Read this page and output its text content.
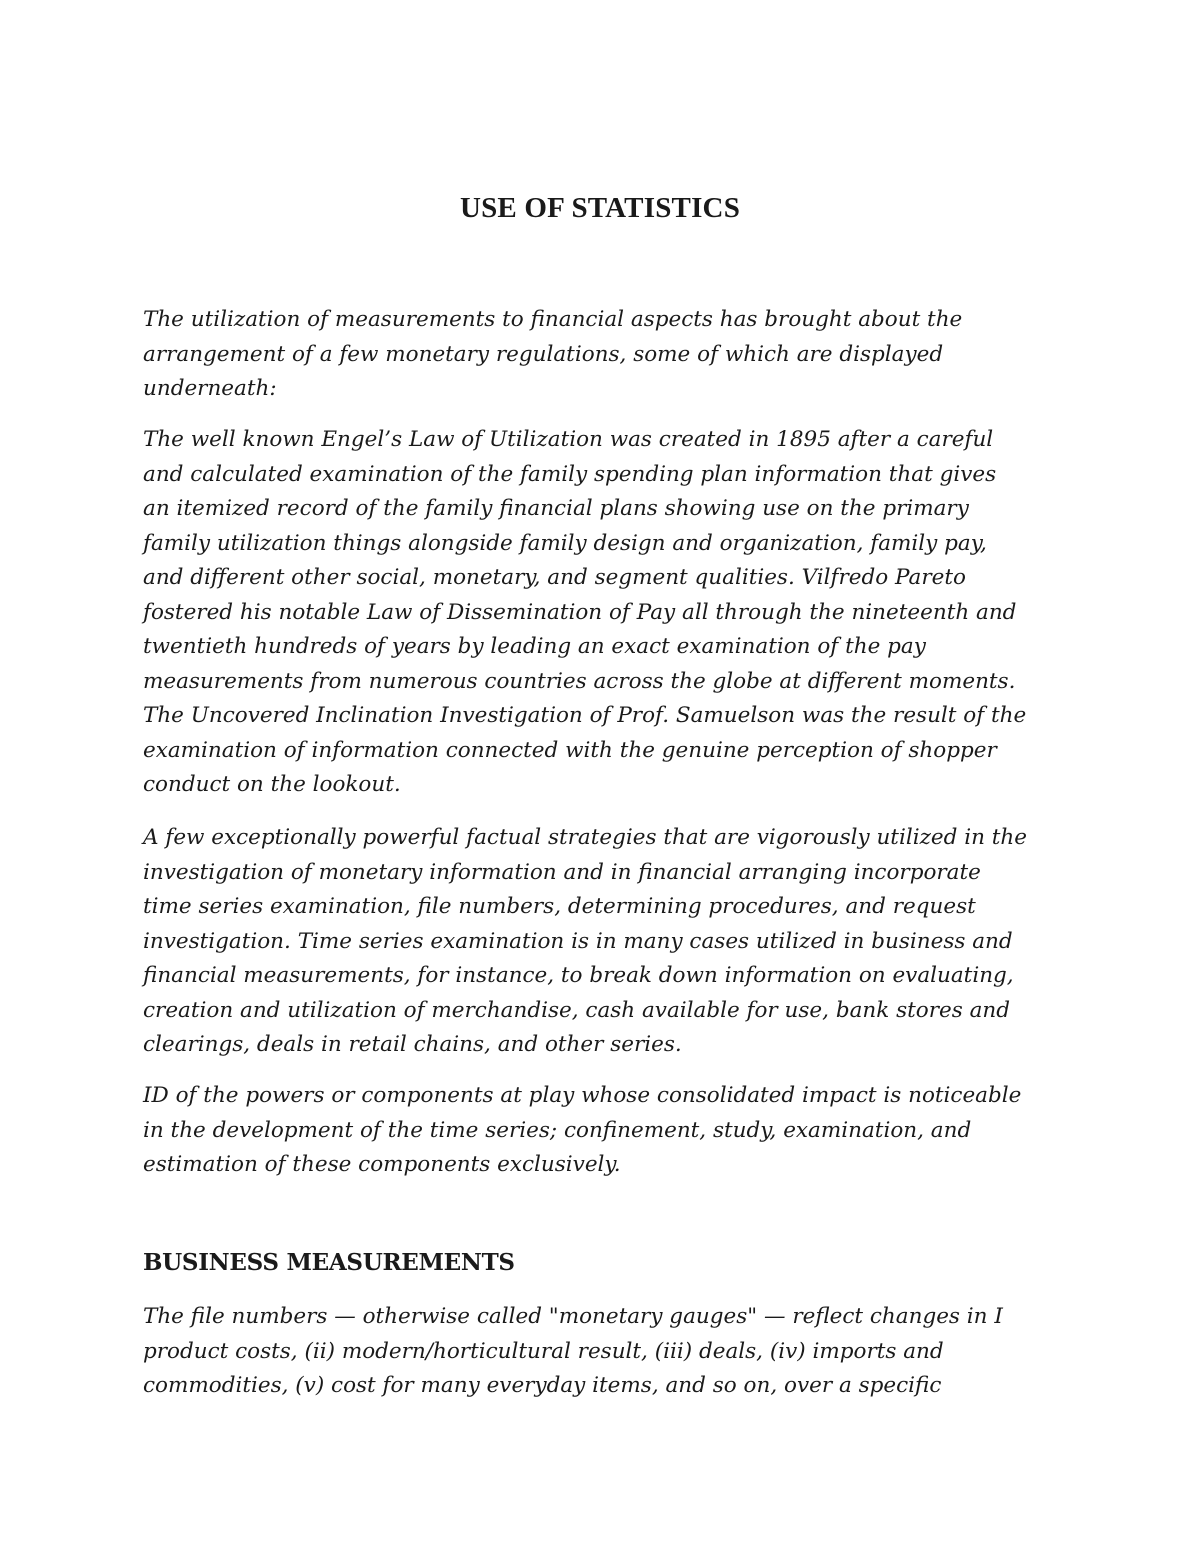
USE OF STATISTICS

The utilization of measurements to financial aspects has brought about the
arrangement of a few monetary regulations, some of which are displayed
underneath:

The well known Engel’s Law of Utilization was created in 1895 after a careful
and calculated examination of the family spending plan information that gives
an itemized record of the family financial plans showing use on the primary
family utilization things alongside family design and organization, family pay,
and different other social, monetary, and segment qualities. Vilfredo Pareto
fostered his notable Law of Dissemination of Pay all through the nineteenth and
twentieth hundreds of years by leading an exact examination of the pay
measurements from numerous countries across the globe at different moments.
The Uncovered Inclination Investigation of Prof. Samuelson was the result of the
examination of information connected with the genuine perception of shopper
conduct on the lookout.

A few exceptionally powerful factual strategies that are vigorously utilized in the
investigation of monetary information and in financial arranging incorporate
time series examination, file numbers, determining procedures, and request
investigation. Time series examination is in many cases utilized in business and
financial measurements, for instance, to break down information on evaluating,
creation and utilization of merchandise, cash available for use, bank stores and
clearings, deals in retail chains, and other series.

ID of the powers or components at play whose consolidated impact is noticeable
in the development of the time series; confinement, study, examination, and
estimation of these components exclusively.

BUSINESS MEASUREMENTS

The file numbers — otherwise called "monetary gauges" — reflect changes in I
product costs, (ii) modern/horticultural result, (iii) deals, (iv) imports and
commodities, (v) cost for many everyday items, and so on, over a specific
